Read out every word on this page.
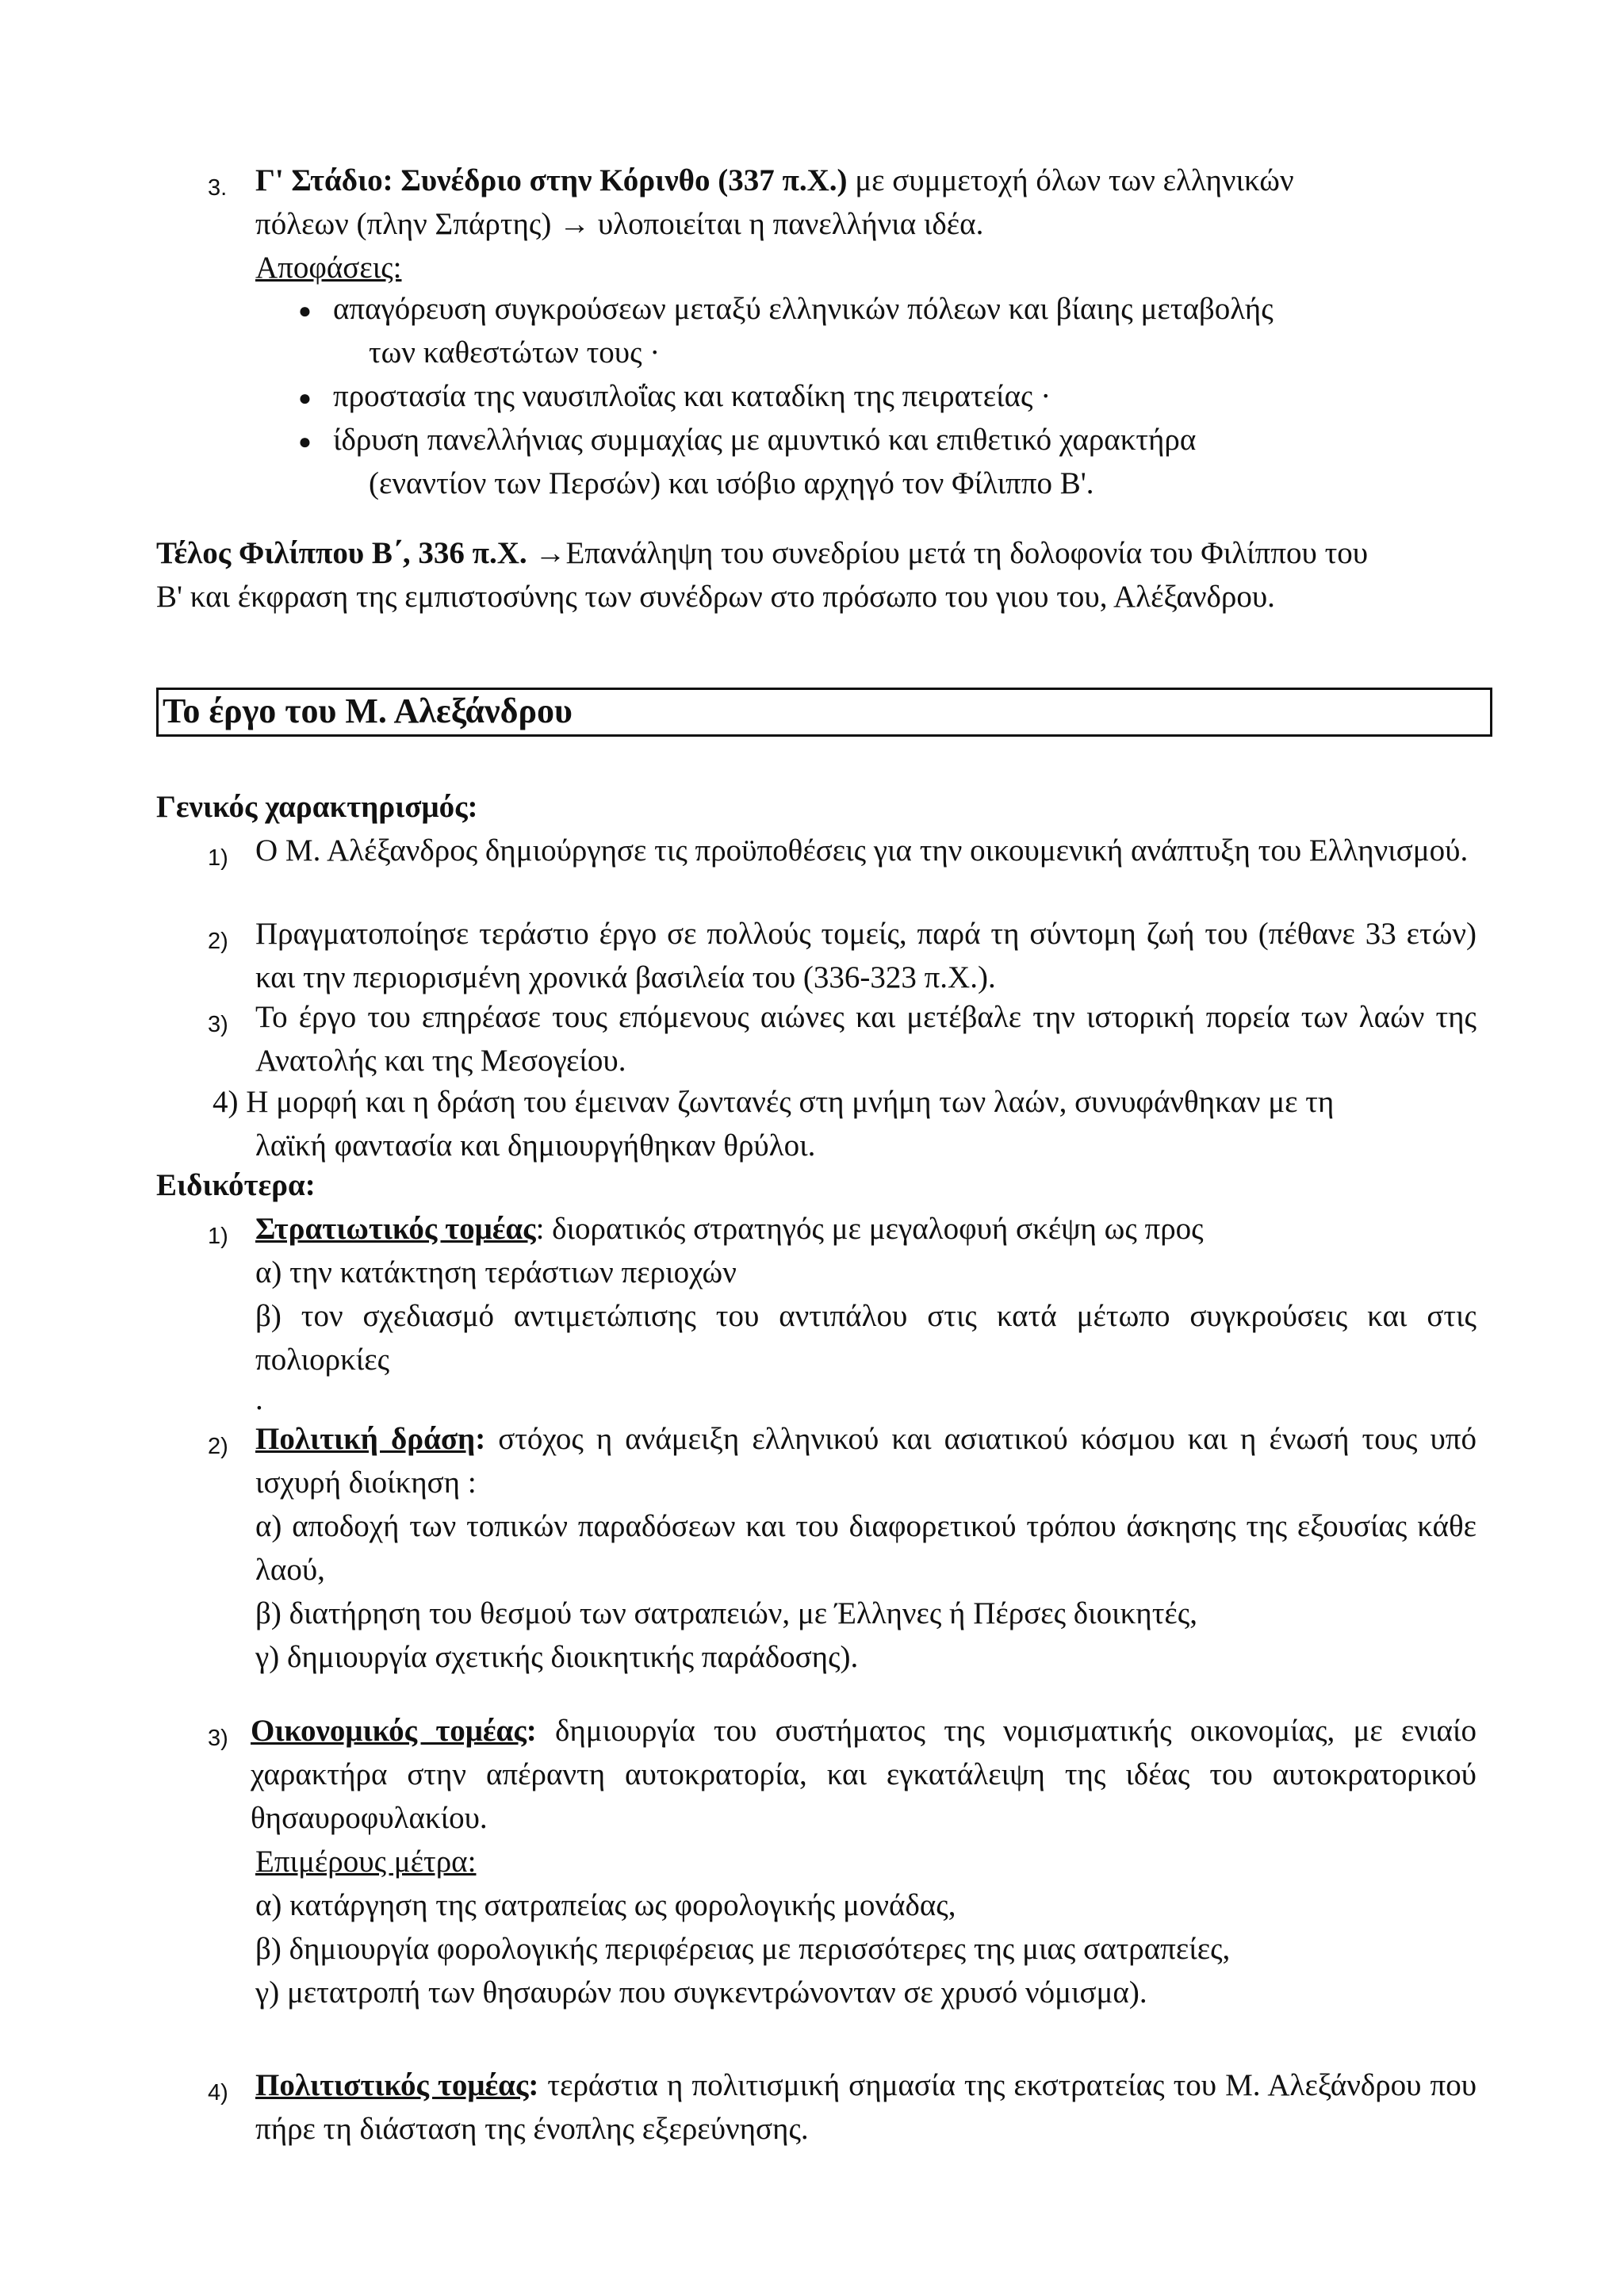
3. Γ' Στάδιο: Συνέδριο στην Κόρινθο (337 π.Χ.) με συμμετοχή όλων των ελληνικών
πόλεων (πλην Σπάρτης) → υλοποιείται η πανελλήνια ιδέα.
Αποφάσεις:
● απαγόρευση συγκρούσεων μεταξύ ελληνικών πόλεων και βίαιης μεταβολής
των καθεστώτων τους ·
● προστασία της ναυσιπλοΐας και καταδίκη της πειρατείας ·
● ίδρυση πανελλήνιας συμμαχίας με αμυντικό και επιθετικό χαρακτήρα
(εναντίον των Περσών) και ισόβιο αρχηγό τον Φίλιππο Β'.
Τέλος Φιλίππου Β΄, 336 π.Χ. →Επανάληψη του συνεδρίου μετά τη δολοφονία του Φιλίππου του
Β' και έκφραση της εμπιστοσύνης των συνέδρων στο πρόσωπο του γιου του, Αλέξανδρου.
Το έργο του Μ. Αλεξάνδρου
Γενικός χαρακτηρισμός:
1) Ο Μ. Αλέξανδρος δημιούργησε τις προϋποθέσεις για την οικουμενική ανάπτυξη του Ελληνισμού.
2) Πραγματοποίησε τεράστιο έργο σε πολλούς τομείς, παρά τη σύντομη ζωή του (πέθανε 33 ετών) και την περιορισμένη χρονικά βασιλεία του (336-323 π.Χ.).
3) Το έργο του επηρέασε τους επόμενους αιώνες και μετέβαλε την ιστορική πορεία των λαών της Ανατολής και της Μεσογείου.
4) Η μορφή και η δράση του έμειναν ζωντανές στη μνήμη των λαών, συνυφάνθηκαν με τη
λαϊκή φαντασία και δημιουργήθηκαν θρύλοι.
Ειδικότερα:
1) Στρατιωτικός τομέας: διορατικός στρατηγός με μεγαλοφυή σκέψη ως προς
α) την κατάκτηση τεράστιων περιοχών
β) τον σχεδιασμό αντιμετώπισης του αντιπάλου στις κατά μέτωπο συγκρούσεις και στις πολιορκίες
.
2) Πολιτική δράση: στόχος η ανάμειξη ελληνικού και ασιατικού κόσμου και η ένωσή τους υπό ισχυρή διοίκηση :
α) αποδοχή των τοπικών παραδόσεων και του διαφορετικού τρόπου άσκησης της εξουσίας κάθε λαού,
β) διατήρηση του θεσμού των σατραπειών, με Έλληνες ή Πέρσες διοικητές,
γ) δημιουργία σχετικής διοικητικής παράδοσης).
3) Οικονομικός τομέας: δημιουργία του συστήματος της νομισματικής οικονομίας, με ενιαίο χαρακτήρα στην απέραντη αυτοκρατορία, και εγκατάλειψη της ιδέας του αυτοκρατορικού θησαυροφυλακίου.
Επιμέρους μέτρα:
α) κατάργηση της σατραπείας ως φορολογικής μονάδας,
β) δημιουργία φορολογικής περιφέρειας με περισσότερες της μιας σατραπείες,
γ) μετατροπή των θησαυρών που συγκεντρώνονταν σε χρυσό νόμισμα).
4) Πολιτιστικός τομέας: τεράστια η πολιτισμική σημασία της εκστρατείας του Μ. Αλεξάνδρου που πήρε τη διάσταση της ένοπλης εξερεύνησης.
